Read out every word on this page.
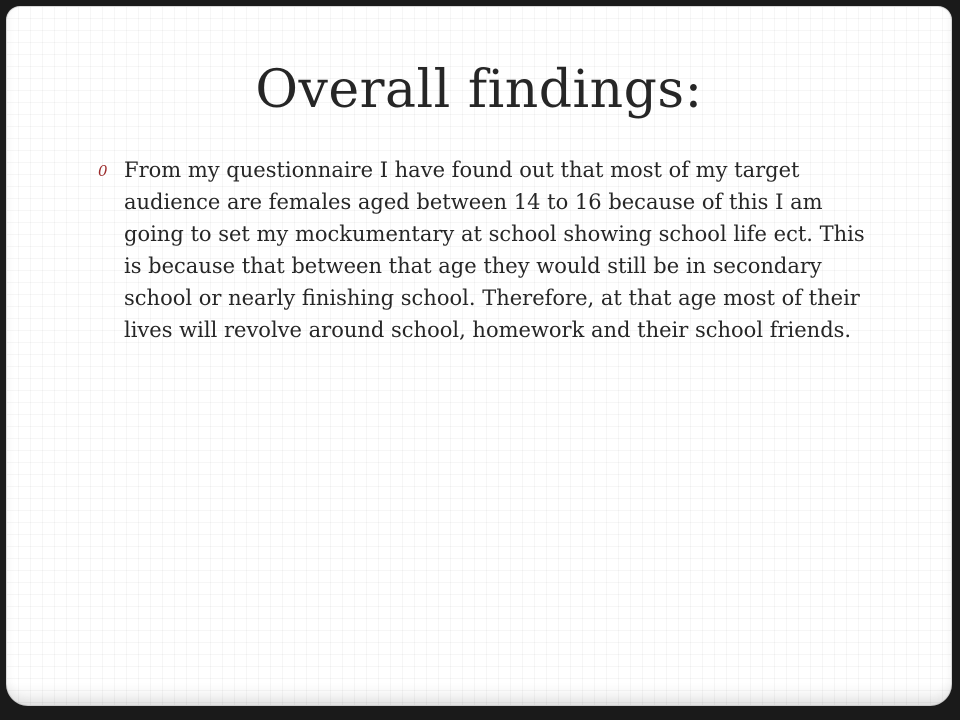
Overall findings:
0 From my questionnaire I have found out that most of my target audience are females aged between 14 to 16 because of this I am going to set my mockumentary at school showing school life ect. This is because that between that age they would still be in secondary school or nearly finishing school. Therefore, at that age most of their lives will revolve around school, homework and their school friends.
